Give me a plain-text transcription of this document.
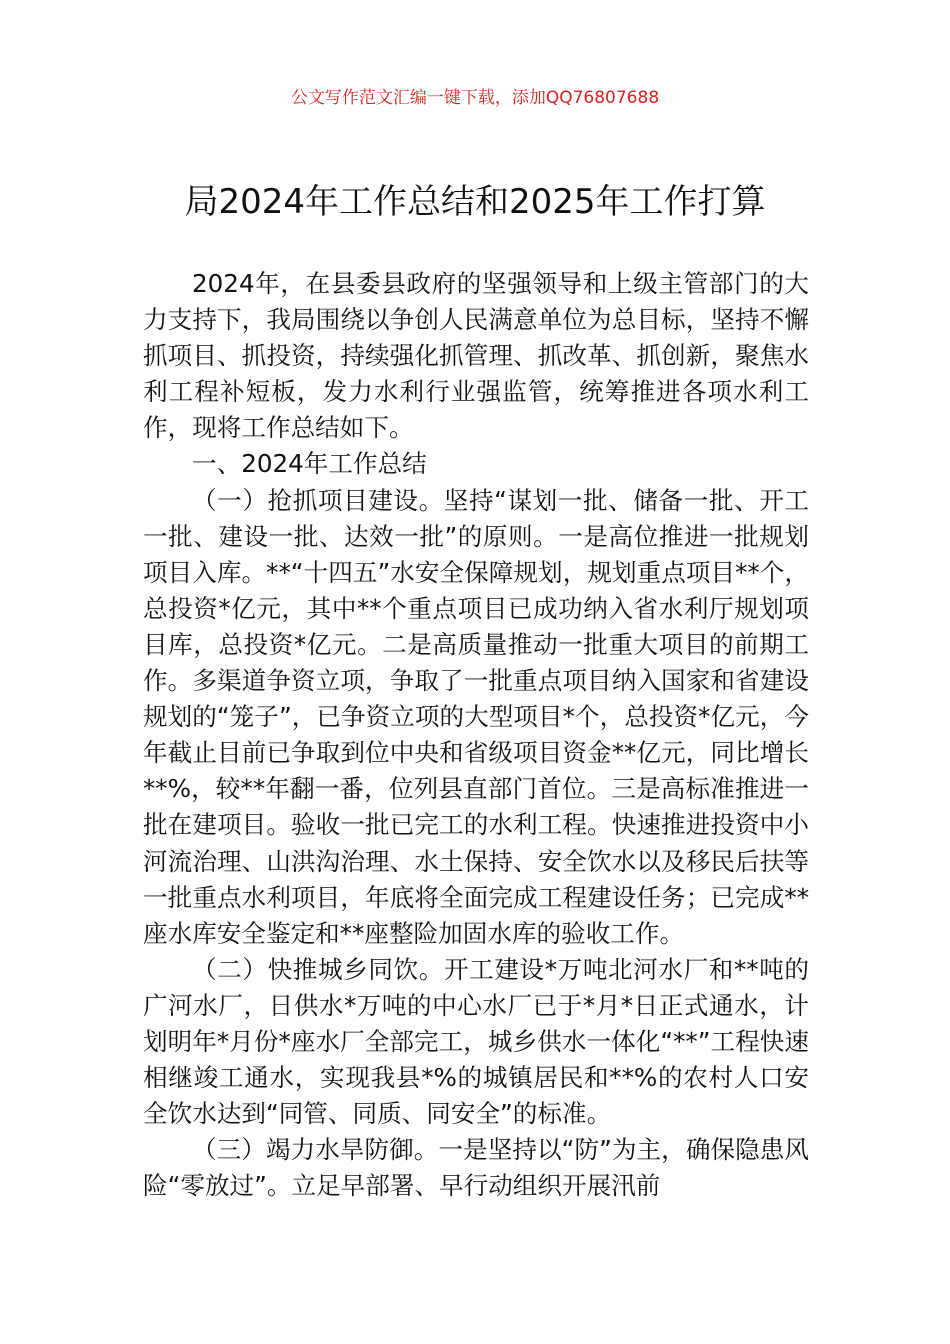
公文写作范文汇编一键下载，添加QQ76807688
局2024年工作总结和2025年工作打算

2024年，在县委县政府的坚强领导和上级主管部门的大力支持下，我局围绕以争创人民满意单位为总目标，坚持不懈抓项目、抓投资，持续强化抓管理、抓改革、抓创新，聚焦水利工程补短板，发力水利行业强监管，统筹推进各项水利工作，现将工作总结如下。

一、2024年工作总结

（一）抢抓项目建设。坚持“谋划一批、储备一批、开工一批、建设一批、达效一批”的原则。一是高位推进一批规划项目入库。**“十四五”水安全保障规划，规划重点项目**个，总投资*亿元，其中**个重点项目已成功纳入省水利厅规划项目库，总投资*亿元。二是高质量推动一批重大项目的前期工作。多渠道争资立项，争取了一批重点项目纳入国家和省建设规划的“笼子”，已争资立项的大型项目*个，总投资*亿元，今年截止目前已争取到位中央和省级项目资金**亿元，同比增长**%，较**年翻一番，位列县直部门首位。三是高标准推进一批在建项目。验收一批已完工的水利工程。快速推进投资中小河流治理、山洪沟治理、水土保持、安全饮水以及移民后扶等一批重点水利项目，年底将全面完成工程建设任务；已完成**座水库安全鉴定和**座整险加固水库的验收工作。

（二）快推城乡同饮。开工建设*万吨北河水厂和**吨的广河水厂，日供水*万吨的中心水厂已于*月*日正式通水，计划明年*月份*座水厂全部完工，城乡供水一体化“**”工程快速相继竣工通水，实现我县*%的城镇居民和**%的农村人口安全饮水达到“同管、同质、同安全”的标准。

（三）竭力水旱防御。一是坚持以“防”为主，确保隐患风险“零放过”。立足早部署、早行动组织开展汛前
